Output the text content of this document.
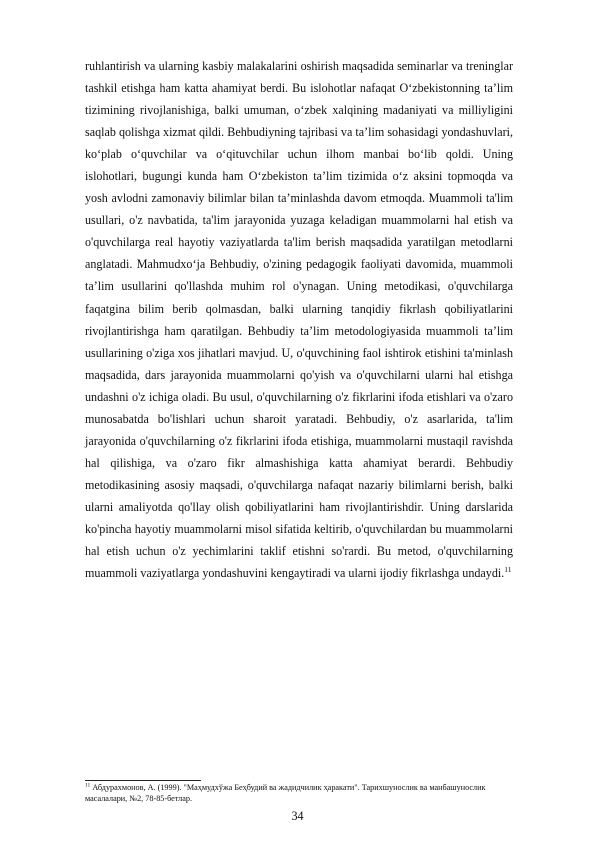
ruhlantirish va ularning kasbiy malakalarini oshirish maqsadida seminarlar va treninglar tashkil etishga ham katta ahamiyat berdi. Bu islohotlar nafaqat O‘zbekistonning ta’lim tizimining rivojlanishiga, balki umuman, o‘zbek xalqining madaniyati va milliyligini saqlab qolishga xizmat qildi. Behbudiyning tajribasi va ta’lim sohasidagi yondashuvlari, ko‘plab o‘quvchilar va o‘qituvchilar uchun ilhom manbai bo‘lib qoldi. Uning islohotlari, bugungi kunda ham O‘zbekiston ta’lim tizimida o‘z aksini topmoqda va yosh avlodni zamonaviy bilimlar bilan ta’minlashda davom etmoqda. Muammoli ta'lim usullari, o'z navbatida, ta'lim jarayonida yuzaga keladigan muammolarni hal etish va o'quvchilarga real hayotiy vaziyatlarda ta'lim berish maqsadida yaratilgan metodlarni anglatadi. Mahmudxo‘ja Behbudiy, o'zining pedagogik faoliyati davomida, muammoli ta’lim usullarini qo'llashda muhim rol o'ynagan. Uning metodikasi, o'quvchilarga faqatgina bilim berib qolmasdan, balki ularning tanqidiy fikrlash qobiliyatlarini rivojlantirishga ham qaratilgan. Behbudiy ta’lim metodologiyasida muammoli ta’lim usullarining o'ziga xos jihatlari mavjud. U, o'quvchining faol ishtirok etishini ta'minlash maqsadida, dars jarayonida muammolarni qo'yish va o'quvchilarni ularni hal etishga undashni o'z ichiga oladi. Bu usul, o'quvchilarning o'z fikrlarini ifoda etishlari va o'zaro munosabatda bo'lishlari uchun sharoit yaratadi. Behbudiy, o'z asarlarida, ta'lim jarayonida o'quvchilarning o'z fikrlarini ifoda etishiga, muammolarni mustaqil ravishda hal qilishiga, va o'zaro fikr almashishiga katta ahamiyat berardi. Behbudiy metodikasining asosiy maqsadi, o'quvchilarga nafaqat nazariy bilimlarni berish, balki ularni amaliyotda qo'llay olish qobiliyatlarini ham rivojlantirishdir. Uning darslarida ko'pincha hayotiy muammolarni misol sifatida keltirib, o'quvchilardan bu muammolarni hal etish uchun o'z yechimlarini taklif etishni so'rardi. Bu metod, o'quvchilarning muammoli vaziyatlarga yondashuvini kengaytiradi va ularni ijodiy fikrlashga undaydi.$^{11}$

$^{11}$ Абдурахмонов, А. (1999). "Маҳмудхўжа Беҳбудий ва жадидчилик ҳаракати". Тарихшунослик ва манбашунослик масалалари, №2, 78-85-бетлар.

34
